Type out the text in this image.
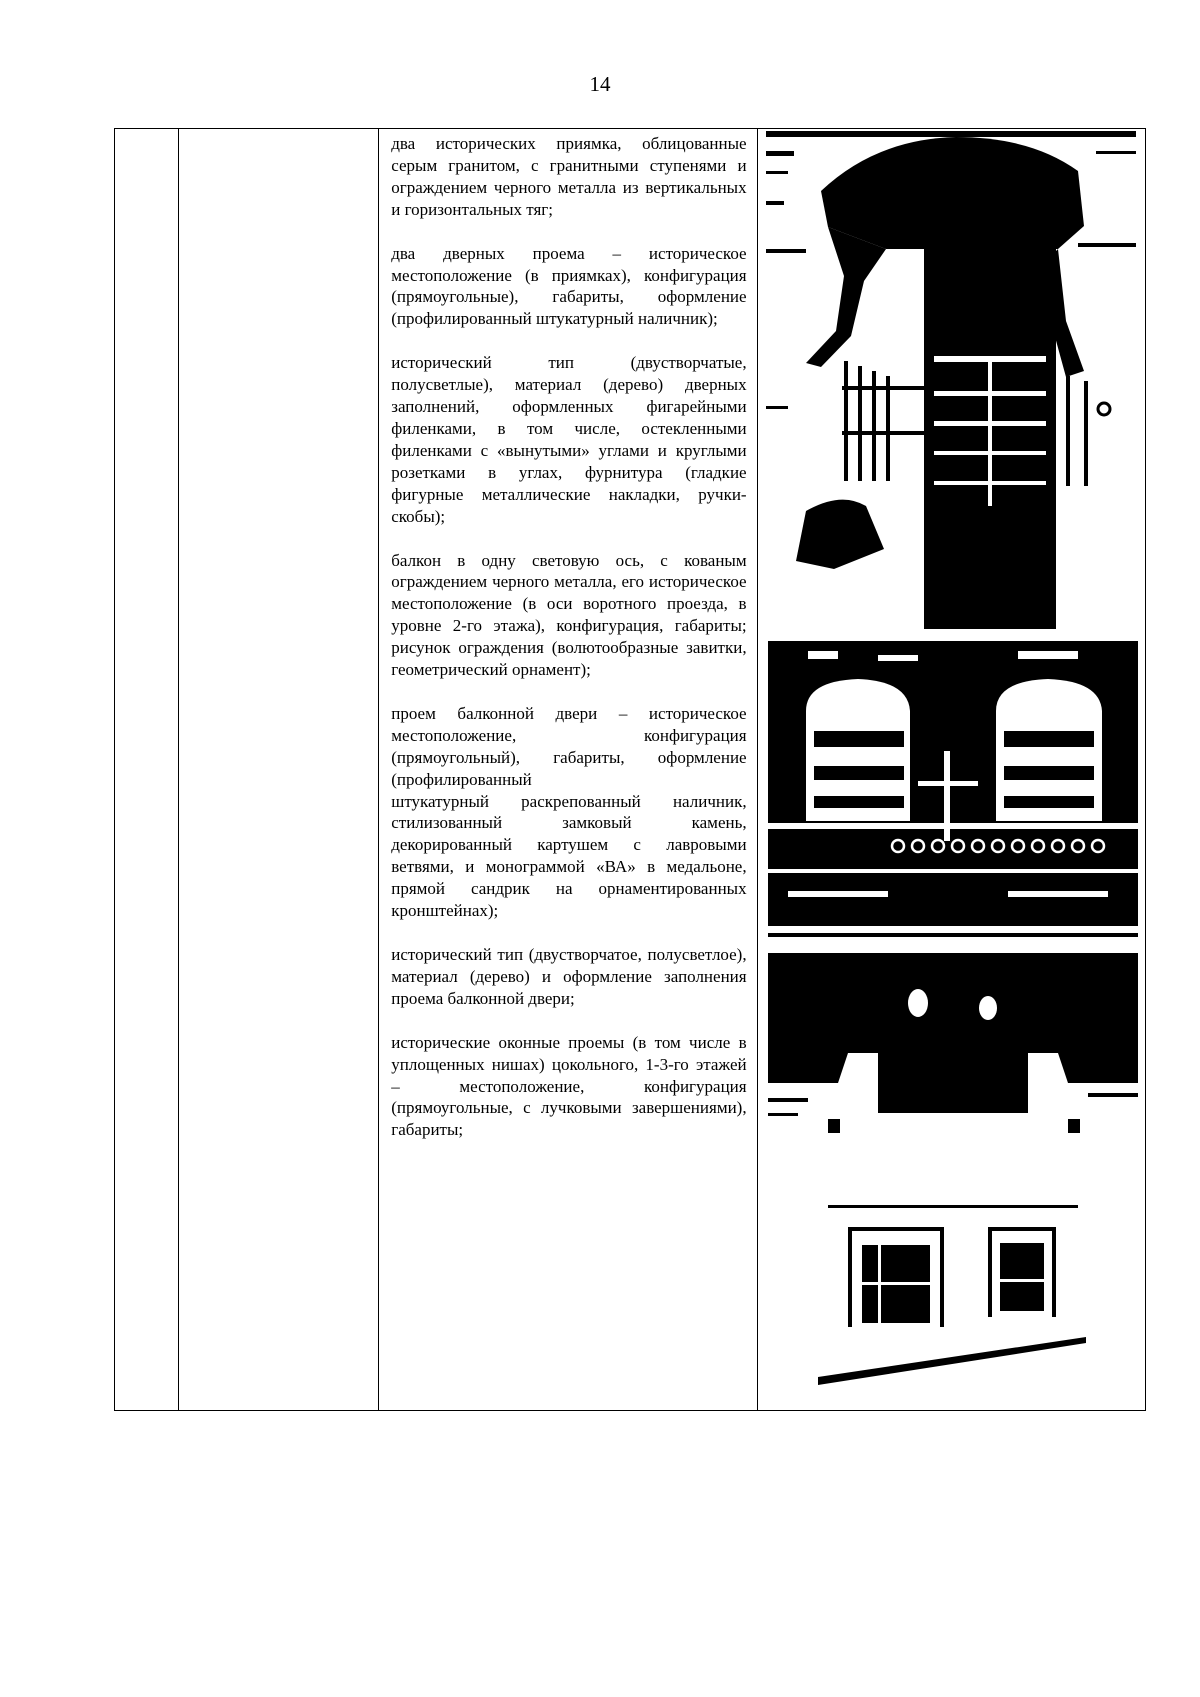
14

два исторических приямка, облицованные серым гранитом, с гранитными ступенями и ограждением черного металла из вертикальных и горизонтальных тяг;

два дверных проема – историческое местоположение (в приямках), конфигурация (прямоугольные), габариты, оформление (профилированный штукатурный наличник);

исторический тип (двустворчатые, полусветлые), материал (дерево) дверных заполнений, оформленных фигарейными филенками, в том числе, остекленными филенками с «вынутыми» углами и круглыми розетками в углах, фурнитура (гладкие фигурные металлические накладки, ручки-скобы);

балкон в одну световую ось, с кованым ограждением черного металла, его историческое местоположение (в оси воротного проезда, в уровне 2-го этажа), конфигурация, габариты; рисунок ограждения (волютообразные завитки, геометрический орнамент);

проем балконной двери – историческое местоположение, конфигурация (прямоугольный), габариты, оформление (профилированный

штукатурный раскрепованный наличник, стилизованный замковый камень, декорированный картушем с лавровыми ветвями, и монограммой «ВА» в медальоне, прямой сандрик на орнаментированных кронштейнах);

исторический тип (двустворчатое, полусветлое), материал (дерево) и оформление заполнения проема балконной двери;

исторические оконные проемы (в том числе в уплощенных нишах) цокольного, 1-3-го этажей – местоположение, конфигурация (прямоугольные, с лучковыми завершениями), габариты;
